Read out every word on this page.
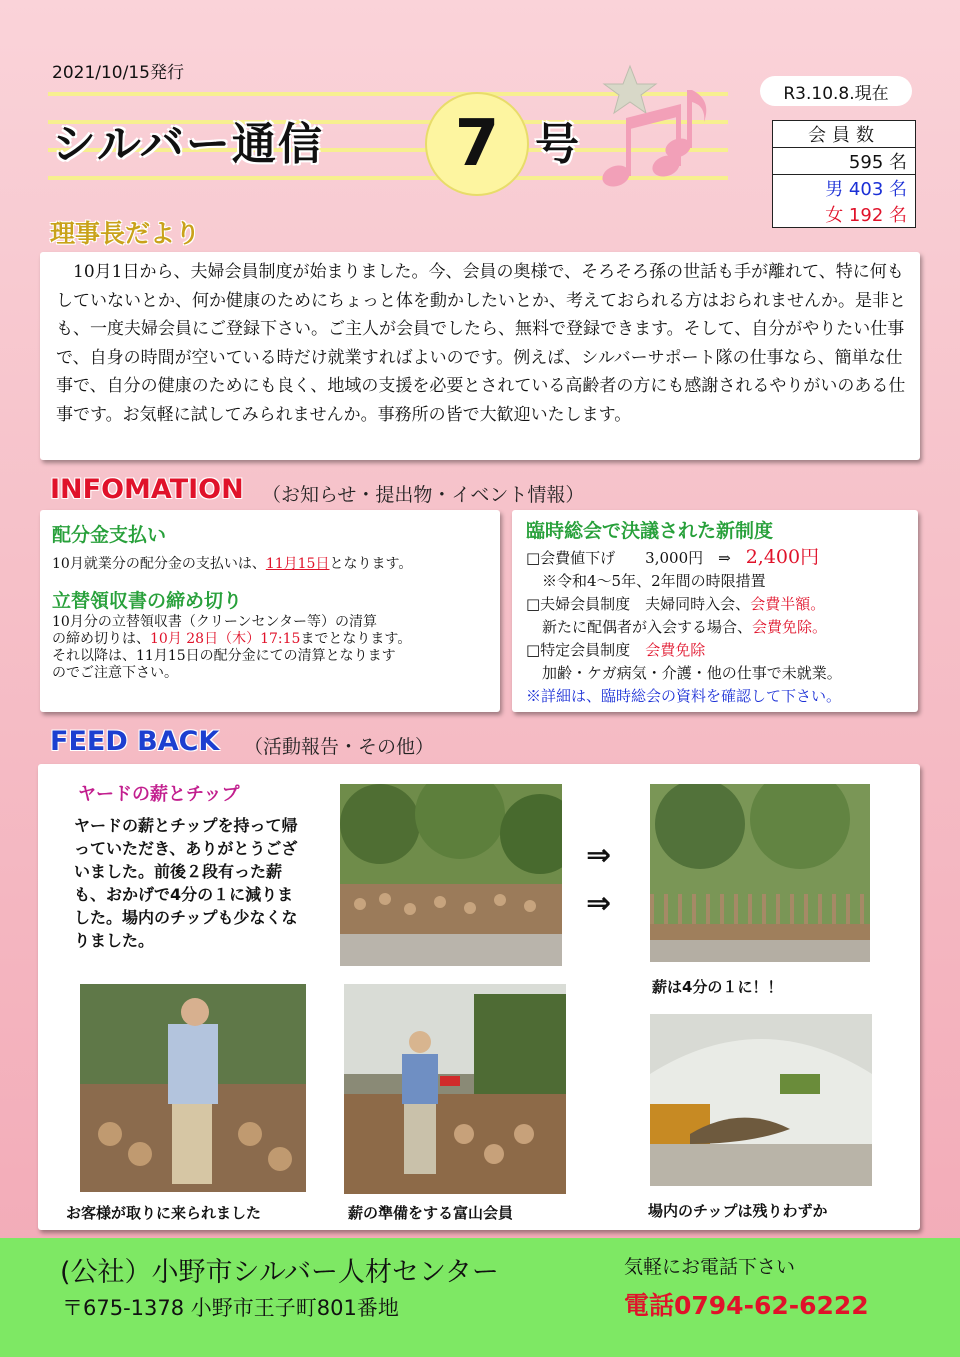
2021/10/15発行
シルバー通信	7 号
R3.10.8.現在
会員数
595 名
男 403 名
女 192 名
理事長だより
10月1日から、夫婦会員制度が始まりました。今、会員の奥様で、そろそろ孫の世話も手が離れて、特に何もしていないとか、何か健康のためにちょっと体を動かしたいとか、考えておられる方はおられませんか。是非とも、一度夫婦会員にご登録下さい。ご主人が会員でしたら、無料で登録できます。そして、自分がやりたい仕事で、自身の時間が空いている時だけ就業すればよいのです。例えば、シルバーサポート隊の仕事なら、簡単な仕事で、自分の健康のためにも良く、地域の支援を必要とされている高齢者の方にも感謝されるやりがいのある仕事です。お気軽に試してみられませんか。事務所の皆で大歓迎いたします。
INFOMATION （お知らせ・提出物・イベント情報）
配分金支払い
10月就業分の配分金の支払いは、11月15日となります。
立替領収書の締め切り
10月分の立替領収書（クリーンセンター等）の清算
の締め切りは、10月 28日（木）17:15までとなります。
それ以降は、11月15日の配分金にての清算となります
のでご注意下さい。
臨時総会で決議された新制度
□会費値下げ　　3,000円　⇒　 2,400円
※令和4～5年、2年間の時限措置
□夫婦会員制度　夫婦同時入会、会費半額。
新たに配偶者が入会する場合、会費免除。
□特定会員制度　会費免除
加齢・ケガ病気・介護・他の仕事で未就業。
※詳細は、臨時総会の資料を確認して下さい。
FEED BACK （活動報告・その他）
ヤードの薪とチップ
ヤードの薪とチップを持って帰っていただき、ありがとうございました。前後２段有った薪も、おかげで4分の１に減りました。場内のチップも少なくなりました。
⇒
⇒
薪は4分の１に！！
お客様が取りに来られました	薪の準備をする富山会員	場内のチップは残りわずか
(公社）小野市シルバー人材センター
〒675-1378 小野市王子町801番地
気軽にお電話下さい
電話0794-62-6222
